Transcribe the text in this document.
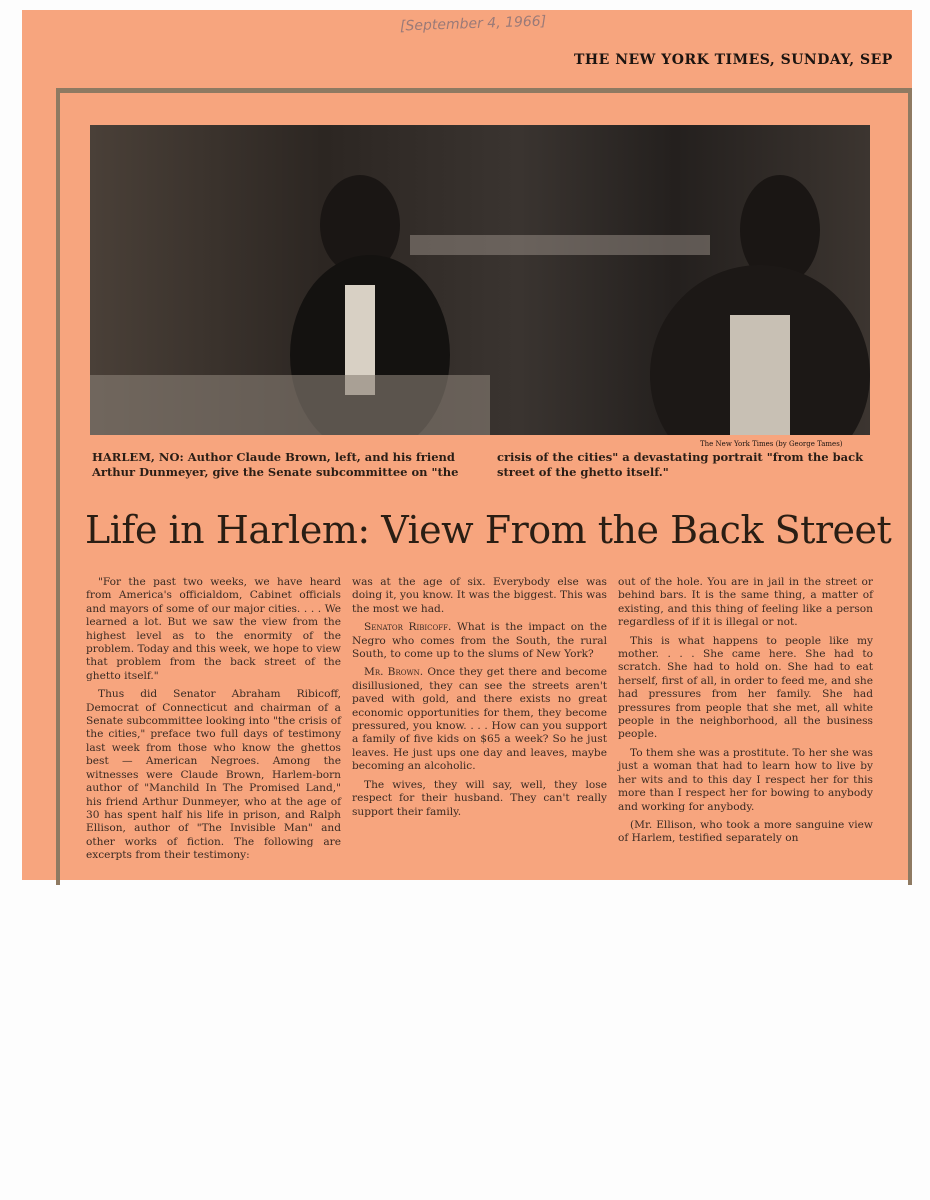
[September 4, 1966]
THE NEW YORK TIMES, SUNDAY, SEP
The New York Times (by George Tames)
HARLEM, NO: Author Claude Brown, left, and his friend Arthur Dunmeyer, give the Senate subcommittee on "the
crisis of the cities" a devastating portrait "from the back street of the ghetto itself."
Life in Harlem: View From the Back Street

"For the past two weeks, we have heard from America's officialdom, Cabinet officials and mayors of some of our major cities. . . . We learned a lot. But we saw the view from the highest level as to the enormity of the problem. Today and this week, we hope to view that problem from the back street of the ghetto itself."

Thus did Senator Abraham Ribicoff, Democrat of Connecticut and chairman of a Senate subcommittee looking into "the crisis of the cities," preface two full days of testimony last week from those who know the ghettos best — American Negroes. Among the witnesses were Claude Brown, Harlem-born author of "Manchild In The Promised Land," his friend Arthur Dunmeyer, who at the age of 30 has spent half his life in prison, and Ralph Ellison, author of "The Invisible Man" and other works of fiction. The following are excerpts from their testimony:

was at the age of six. Everybody else was doing it, you know. It was the biggest. This was the most we had.

Senator Ribicoff. What is the impact on the Negro who comes from the South, the rural South, to come up to the slums of New York?

Mr. Brown. Once they get there and become disillusioned, they can see the streets aren't paved with gold, and there exists no great economic opportunities for them, they become pressured, you know. . . . How can you support a family of five kids on $65 a week? So he just leaves. He just ups one day and leaves, maybe becoming an alcoholic.

The wives, they will say, well, they lose respect for their husband. They can't really support their family.

out of the hole. You are in jail in the street or behind bars. It is the same thing, a matter of existing, and this thing of feeling like a person regardless of if it is illegal or not.

This is what happens to people like my mother. . . . She came here. She had to scratch. She had to hold on. She had to eat herself, first of all, in order to feed me, and she had pressures from her family. She had pressures from people that she met, all white people in the neighborhood, all the business people.

To them she was a prostitute. To her she was just a woman that had to learn how to live by her wits and to this day I respect her for this more than I respect her for bowing to anybody and working for anybody.

(Mr. Ellison, who took a more sanguine view of Harlem, testified separately on
